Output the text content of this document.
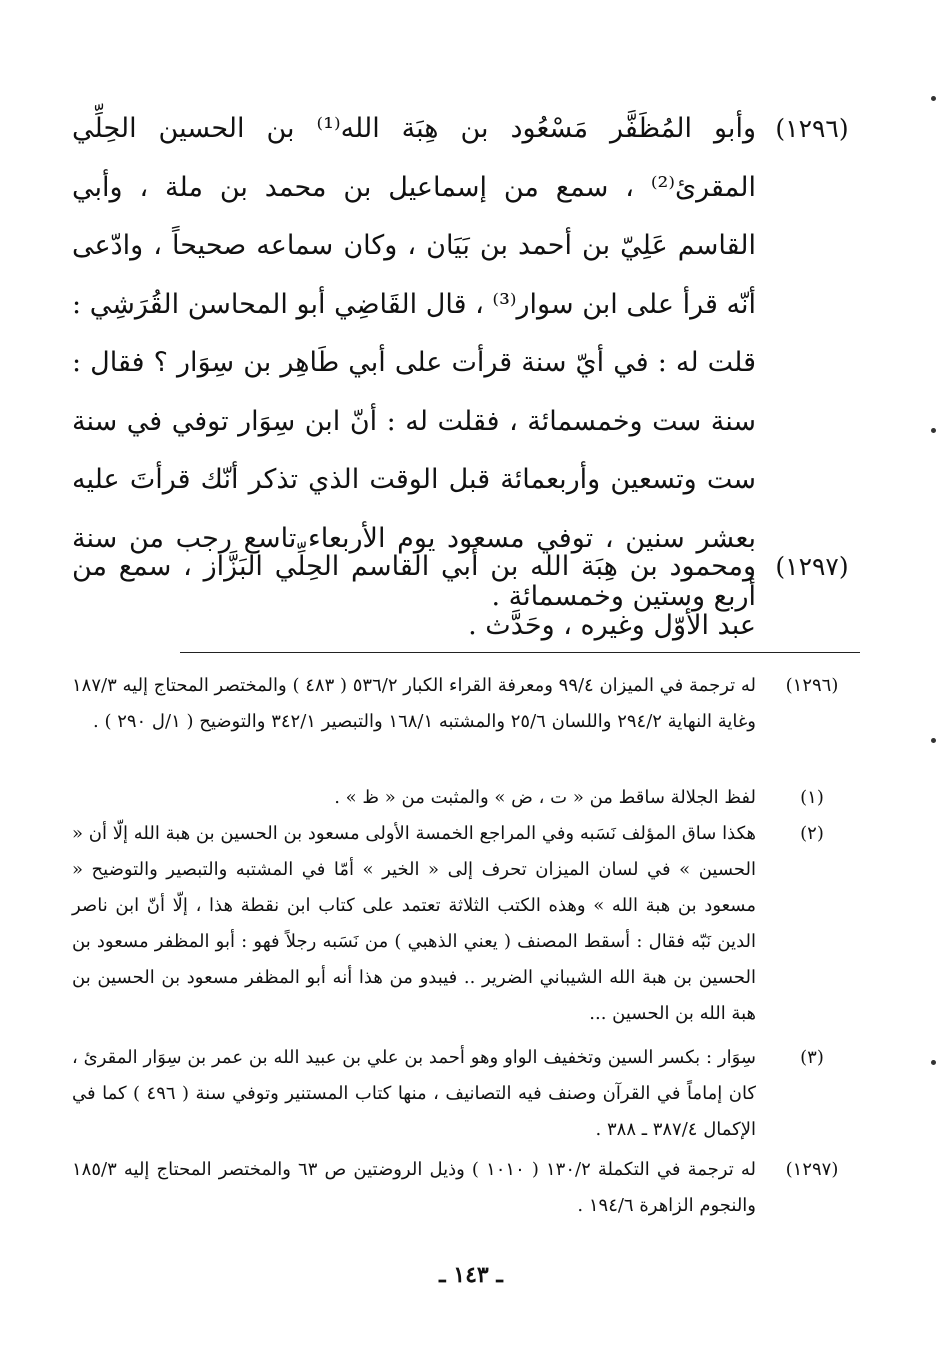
(١٢٩٦)
وأبو المُظَفَّر مَسْعُود بن هِبَة الله⁽¹⁾ بن الحسين الحِلِّي المقرئ⁽²⁾ ، سمع من إسماعيل بن محمد بن ملة ، وأبي القاسم عَلِيّ بن أحمد بن بَيَان ، وكان سماعه صحيحاً ، وادّعى أنّه قرأ على ابن سوار⁽³⁾ ، قال القَاضِي أبو المحاسن القُرَشِي : قلت له : في أيّ سنة قرأت على أبي طَاهِر بن سِوَار ؟ فقال : سنة ست وخمسمائة ، فقلت له : أنّ ابن سِوَار توفي في سنة ست وتسعين وأربعمائة قبل الوقت الذي تذكر أنّك قرأتَ عليه بعشر سنين ، توفي مسعود يوم الأربعاء تاسع رجب من سنة أربع وستين وخمسمائة .
(١٢٩٧)
ومحمود بن هِبَة الله بن أبي القاسم الحِلِّي البَزَّاز ، سمع من عبد الأوّل وغيره ، وحَدَّث .
(١٢٩٦)
له ترجمة في الميزان ٩٩/٤ ومعرفة القراء الكبار ٥٣٦/٢ ( ٤٨٣ ) والمختصر المحتاج إليه ١٨٧/٣ وغاية النهاية ٢٩٤/٢ واللسان ٢٥/٦ والمشتبه ١٦٨/١ والتبصير ٣٤٢/١ والتوضيح ( ١/ل ٢٩٠ ) .
(١)
لفظ الجلالة ساقط من « ت ، ض » والمثبت من « ظ » .
(٢)
هكذا ساق المؤلف نَسَبه وفي المراجع الخمسة الأولى مسعود بن الحسين بن هبة الله إلّا أن « الحسين » في لسان الميزان تحرف إلى « الخير » أمّا في المشتبه والتبصير والتوضيح « مسعود بن هبة الله » وهذه الكتب الثلاثة تعتمد على كتاب ابن نقطة هذا ، إلّا أنّ ابن ناصر الدين نَبّه فقال : أسقط المصنف ( يعني الذهبي ) من نَسَبه رجلاً فهو : أبو المظفر مسعود بن الحسين بن هبة الله الشيباني الضرير .. فيبدو من هذا أنه أبو المظفر مسعود بن الحسين بن هبة الله بن الحسين ...
(٣)
سِوَار : بكسر السين وتخفيف الواو وهو أحمد بن علي بن عبيد الله بن عمر بن سِوَار المقرئ ، كان إماماً في القرآن وصنف فيه التصانيف ، منها كتاب المستنير وتوفي سنة ( ٤٩٦ ) كما في الإكمال ٣٨٧/٤ ـ ٣٨٨ .
(١٢٩٧)
له ترجمة في التكملة ١٣٠/٢ ( ١٠١٠ ) وذيل الروضتين ص ٦٣ والمختصر المحتاج إليه ١٨٥/٣ والنجوم الزاهرة ١٩٤/٦ .
ـ ١٤٣ ـ
